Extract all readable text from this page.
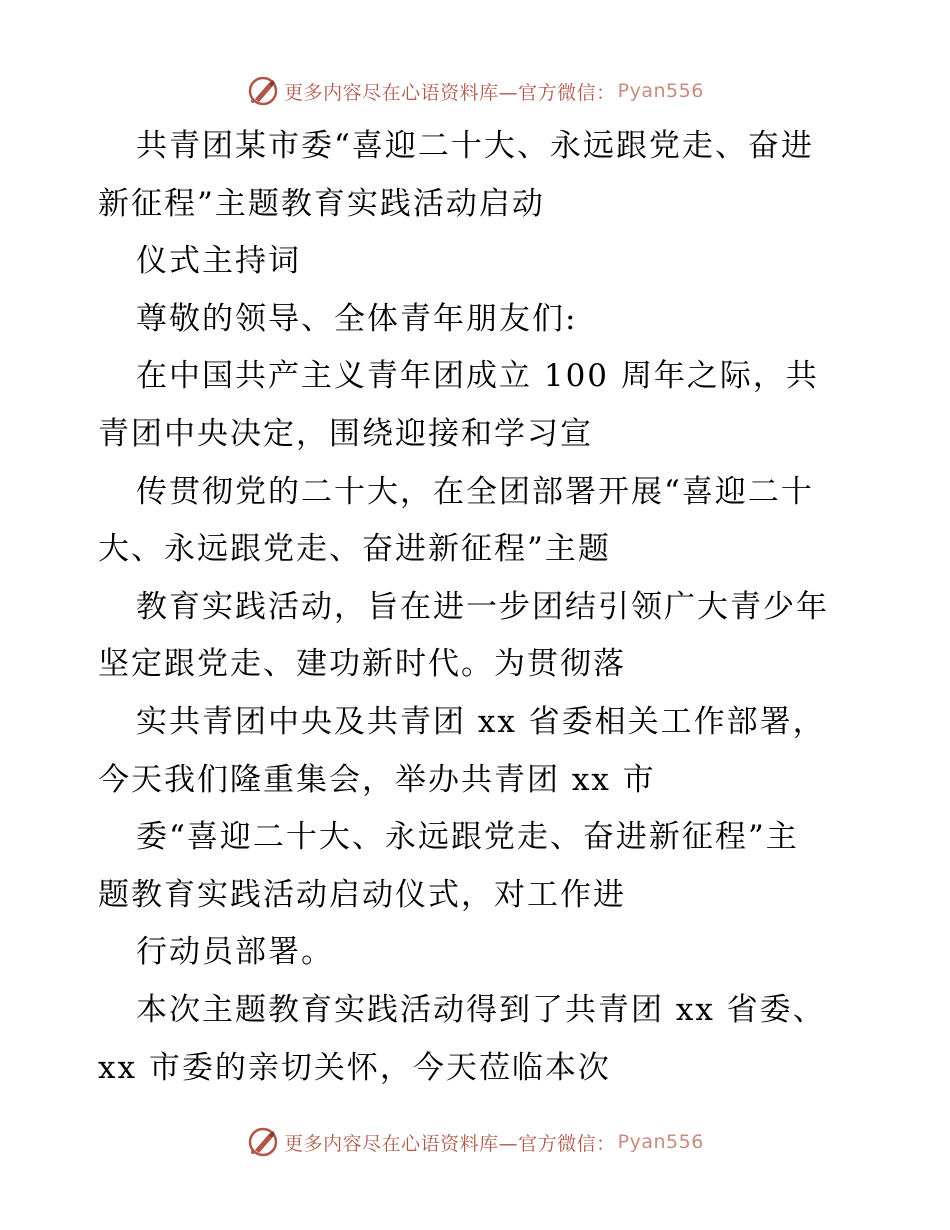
更多内容尽在心语资料库—官方微信： Pyan556
共青团某市委“喜迎二十大、永远跟党走、奋进
新征程”主题教育实践活动启动
仪式主持词
尊敬的领导、全体青年朋友们:
在中国共产主义青年团成立 100 周年之际，共
青团中央决定，围绕迎接和学习宣
传贯彻党的二十大，在全团部署开展“喜迎二十
大、永远跟党走、奋进新征程”主题
教育实践活动，旨在进一步团结引领广大青少年
坚定跟党走、建功新时代。为贯彻落
实共青团中央及共青团 xx 省委相关工作部署，
今天我们隆重集会，举办共青团 xx 市
委“喜迎二十大、永远跟党走、奋进新征程”主
题教育实践活动启动仪式，对工作进
行动员部署。
本次主题教育实践活动得到了共青团 xx 省委、
xx 市委的亲切关怀，今天莅临本次
更多内容尽在心语资料库—官方微信： Pyan556
